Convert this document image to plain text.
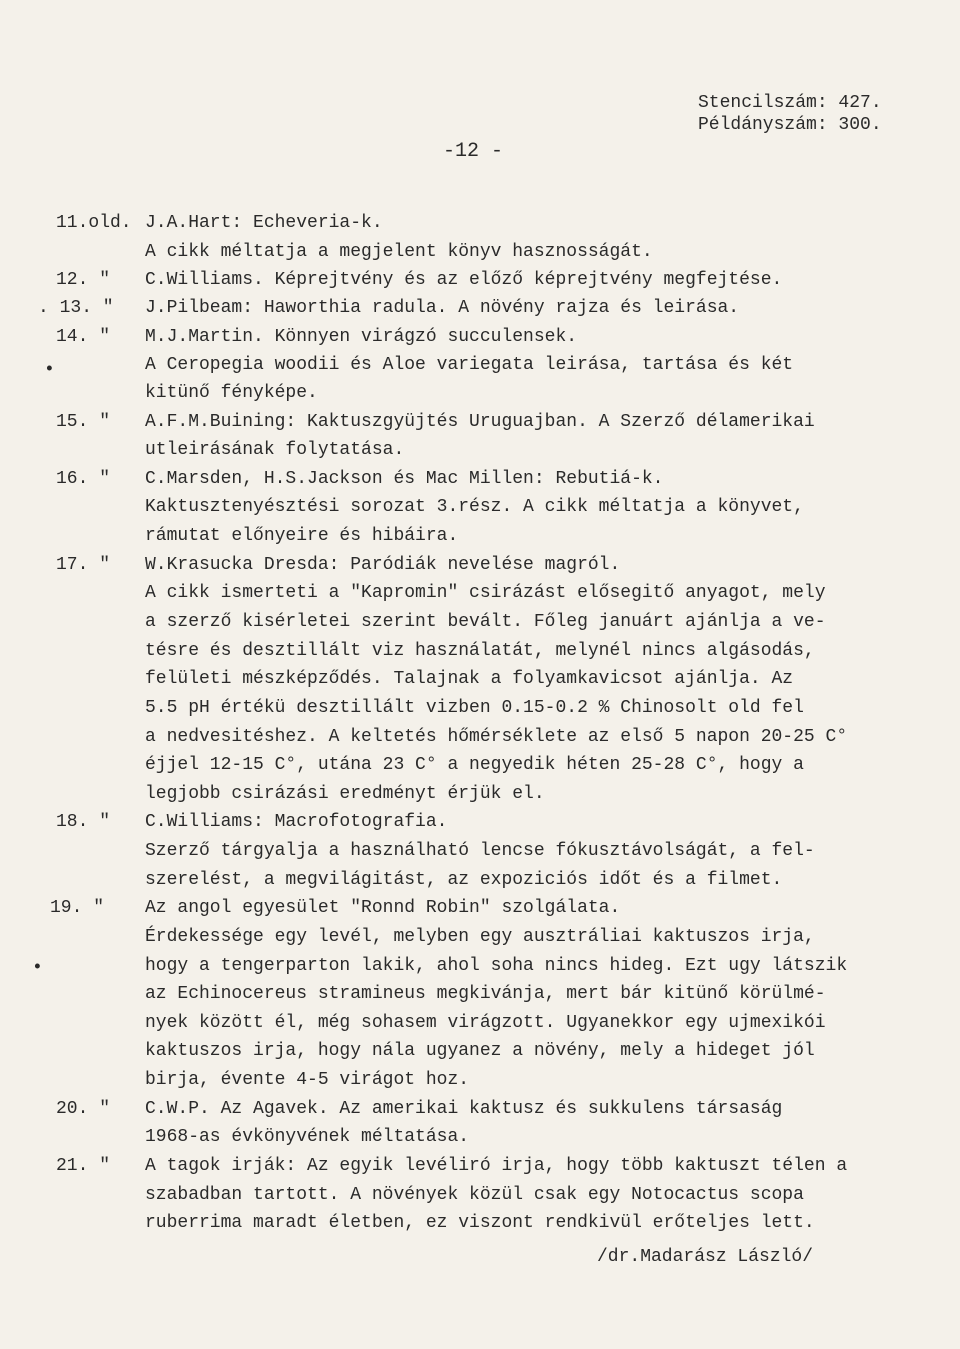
Stencilszám: 427.
Példányszám: 300.
-12 -
•
•
11.old. J.A.Hart: Echeveria-k.
A cikk méltatja a megjelent könyv hasznosságát.
12. " C.Williams. Képrejtvény és az előző képrejtvény megfejtése.
. 13. " J.Pilbeam: Haworthia radula. A növény rajza és leirása.
14. " M.J.Martin. Könnyen virágzó succulensek.
A Ceropegia woodii és Aloe variegata leirása, tartása és két
kitünő fényképe.
15. " A.F.M.Buining: Kaktuszgyüjtés Uruguajban. A Szerző délamerikai
utleirásának folytatása.
16. " C.Marsden, H.S.Jackson és Mac Millen: Rebutiá-k.
Kaktusztenyésztési sorozat 3.rész. A cikk méltatja a könyvet,
rámutat előnyeire és hibáira.
17. " W.Krasucka Dresda: Paródiák nevelése magról.
A cikk ismerteti a "Kapromin" csirázást elősegitő anyagot, mely
a szerző kisérletei szerint bevált. Főleg januárt ajánlja a ve-
tésre és desztillált viz használatát, melynél nincs algásodás,
felületi mészképződés. Talajnak a folyamkavicsot ajánlja. Az
5.5 pH értékü desztillált vizben 0.15-0.2 % Chinosolt old fel
a nedvesitéshez. A keltetés hőmérséklete az első 5 napon 20-25 C°
éjjel 12-15 C°, utána 23 C° a negyedik héten 25-28 C°, hogy a
legjobb csirázási eredményt érjük el.
18. " C.Williams: Macrofotografia.
Szerző tárgyalja a használható lencse fókusztávolságát, a fel-
szerelést, a megvilágitást, az expoziciós időt és a filmet.
19. " Az angol egyesület "Ronnd Robin" szolgálata.
Érdekessége egy levél, melyben egy ausztráliai kaktuszos irja,
hogy a tengerparton lakik, ahol soha nincs hideg. Ezt ugy látszik
az Echinocereus stramineus megkivánja, mert bár kitünő körülmé-
nyek között él, még sohasem virágzott. Ugyanekkor egy ujmexikói
kaktuszos irja, hogy nála ugyanez a növény, mely a hideget jól
birja, évente 4-5 virágot hoz.
20. " C.W.P. Az Agavek. Az amerikai kaktusz és sukkulens társaság
1968-as évkönyvének méltatása.
21. " A tagok irják: Az egyik levéliró irja, hogy több kaktuszt télen a
szabadban tartott. A növények közül csak egy Notocactus scopa
ruberrima maradt életben, ez viszont rendkivül erőteljes lett.
/dr.Madarász László/
